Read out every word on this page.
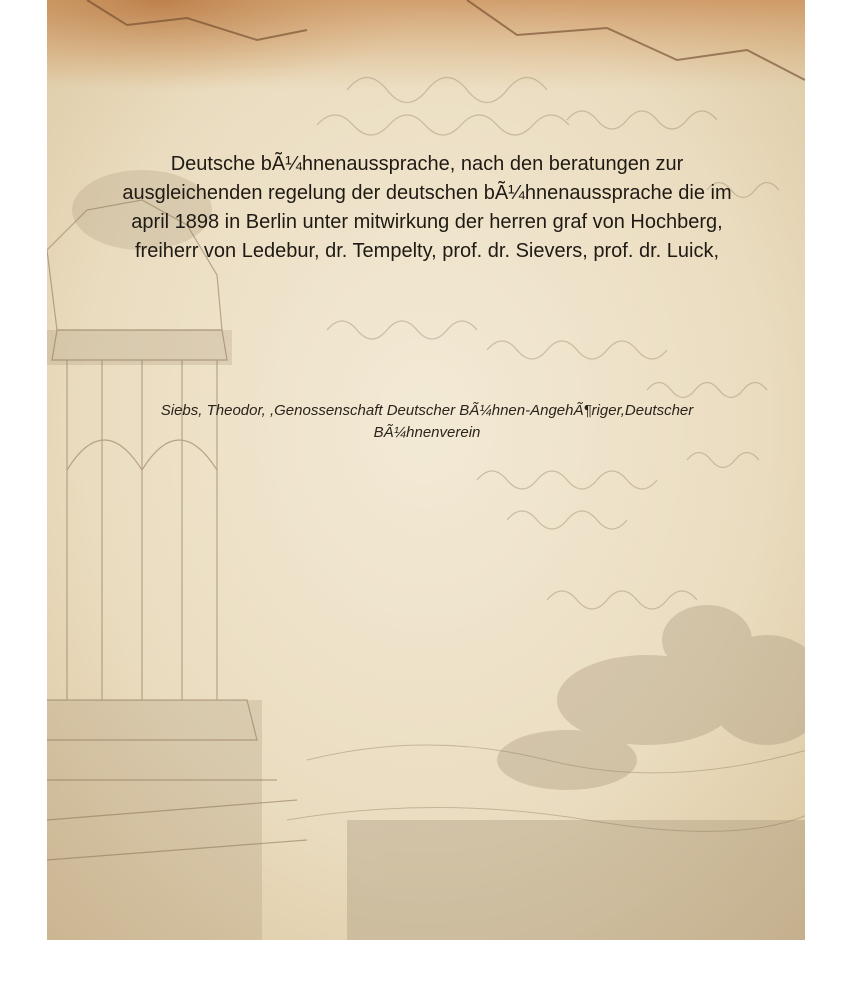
Deutsche bÃ¼hnenaussprache, nach den beratungen zur ausgleichenden regelung der deutschen bÃ¼hnenaussprache die im april 1898 in Berlin unter mitwirkung der herren graf von Hochberg, freiherr von Ledebur, dr. Tempelty, prof. dr. Sievers, prof. dr. Luick,

Siebs, Theodor, ,Genossenschaft Deutscher BÃ¼hnen-AngehÃ¶riger,Deutscher BÃ¼hnenverein
